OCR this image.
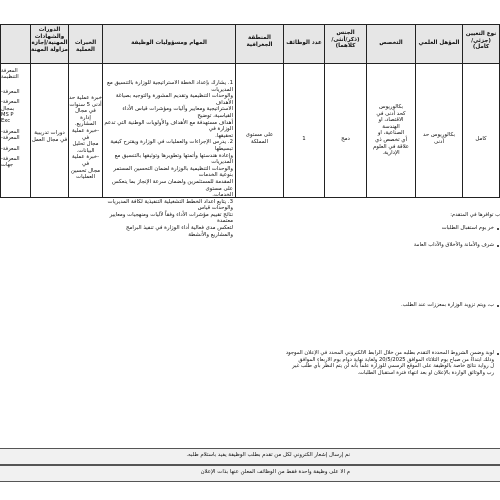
نوع التعيين
(جزئي/كامل)
المؤهل العلمي
التخصص
الجنس
(ذكر/أنثى/
كلاهما)
عدد الوظائف
المنطقة
الجغرافية
المهام ومسؤوليات الوظيفة
الخبرات العملية
الدورات
والشهادات
المهنية/إجازة
مزاولة المهنة
كامل
بكالوريوس حد
أدنى
بكالوريوس
كحد أدنى في
الاقتصاد، او
الهندسة
الصناعية، او
أي تخصص ذي
علاقة في العلوم
الإدارية.
دمج
1
على مستوى
المملكة
1. يشارك بإعداد الخطة الاستراتيجية للوزارة بالتنسيق مع المديريات
والوحدات التنظيمية وتقديم المشورة والتوجيه بصياغة الأهداف
الاستراتيجية ومعايير وآليات ومؤشرات قياس الأداء القياسية، توضيح
أهداف مستهدفة مع الأهداف والأولويات الوطنية التي تدعم الوزارة في
تحقيقها.
2. يدرس الإجراءات والعمليات في الوزارة ويقترح كيفية تبسيطها
وإعادة هندستها وأتمتها وتطويرها وتوثيقها بالتنسيق مع المديريات
والوحدات التنظيمية بالوزارة لضمان التحسين المستمر بنوعية الخدمات
المقدمة للمستثمرين ولضمان سرعة الإنجاز بما ينعكس على مستوى
الخدمات.
3. يتابع اعداد الخطط التشغيلية التنفيذية لكافة المديريات والوحدات قياس
نتائج تقييم مؤشرات الأداء وفقاً لآليات ومنهجيات ومعايير معتمدة
لتعكس مدى فعالية أداء الوزارة في تنفيذ البرامج والمشاريع والأنشطة
خبرة عملية حد
أدنى 5 سنوات
في مجال إدارة
المشاريع.
-خبرة عملية في
مجال تحليل
البيانات.
-خبرة عملية في
مجال تحسين
العمليات
دورات تدريبية
في مجال العمل
المعرفة
التنظيمة
-المعرفة
-المعرفة
بمجال
MS P
Exc
-المعرفة
-المعرفة
-المعرفة
-المعرفة
جهات
ب توافرها في المتقدم:
خر يوم استقبال الطلبات
شرف والأمانة والأخلاق والآداب العامة
ب، ويتم تزويد الوزارة بمعززات عند الطلب.
لوبة وضمن الشروط المحددة التقدم بطلبه من خلال الرابط الالكتروني المحدد في الإعلان الموجود
وذلك ابتداءً من صباح يوم الثلاثاء الموافق 20/5/2025 ولغاية نهاية دوام يوم الاربعاء الموافق
ل رواية نتائج خاصة بالوظيفة على الموقع الرسمي للوزارة علماً بأنه لن يتم النظر بأي طلب غير
رب والوثائق الواردة بالإعلان او بعد انتهاء فترة استقبال الطلبات.
نم إرسال إشعار الكتروني لكل من تقدم بطلب الوظيفة يفيد باستلام طلبه.
م الا على وظيفة واحدة فقط من الوظائف المعلن عنها بذات الإعلان
